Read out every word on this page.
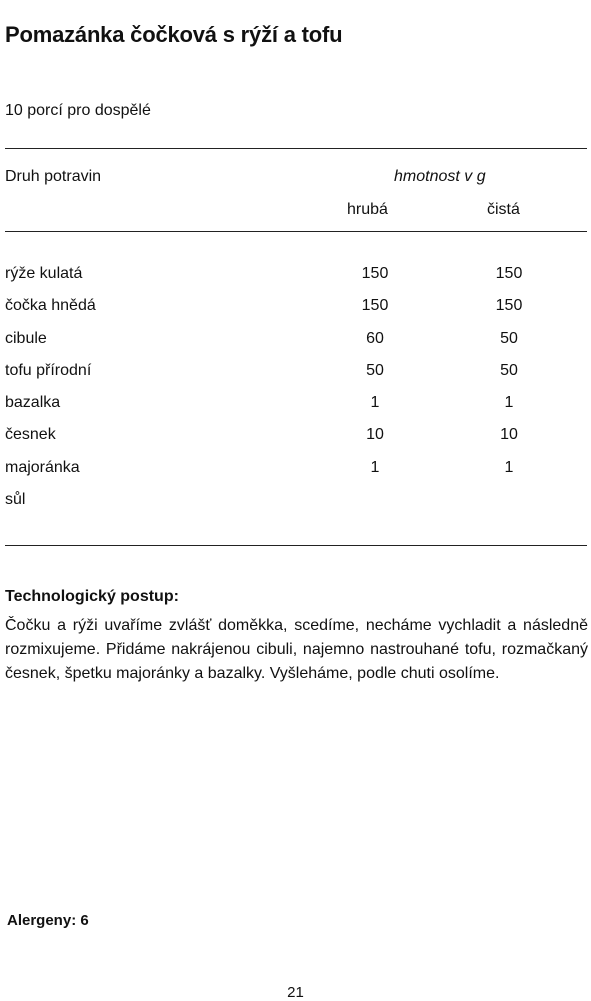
Pomazánka čočková s rýží a tofu
10 porcí pro dospělé
Druh potravin	hmotnost v g
hrubá	čistá
rýže kulatá	150	150
čočka hnědá	150	150
cibule	60	50
tofu přírodní	50	50
bazalka	1	1
česnek	10	10
majoránka	1	1
sůl
Technologický postup:
Čočku a rýži uvaříme zvlášť doměkka, scedíme, necháme vychladit a následně rozmixujeme. Přidáme nakrájenou cibuli, najemno nastrouhané tofu, rozmačkaný česnek, špetku majoránky a bazalky. Vyšleháme, podle chuti osolíme.
Alergeny: 6
21
